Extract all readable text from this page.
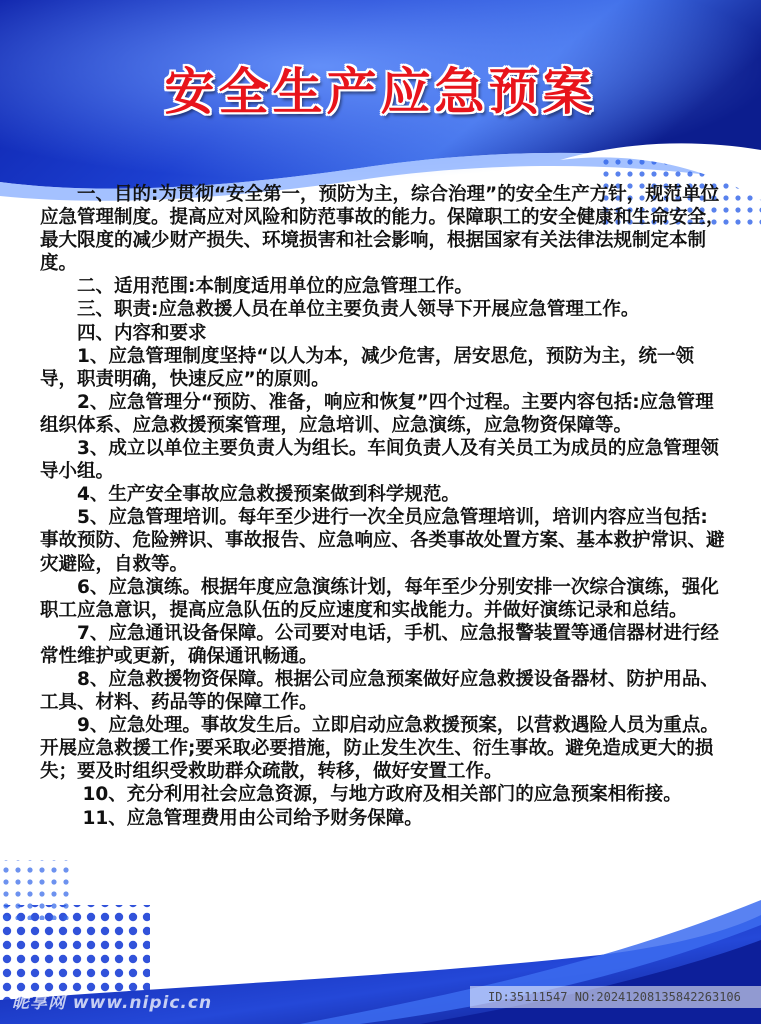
安全生产应急预案

一、目的:为贯彻“安全第一，预防为主，综合治理”的安全生产方针，规范单位应急管理制度。提高应对风险和防范事故的能力。保障职工的安全健康和生命安全，最大限度的减少财产损失、环境损害和社会影响，根据国家有关法律法规制定本制度。

二、适用范围:本制度适用单位的应急管理工作。

三、职责:应急救援人员在单位主要负责人领导下开展应急管理工作。

四、内容和要求

1、应急管理制度坚持“以人为本，减少危害，居安思危，预防为主，统一领导，职责明确，快速反应”的原则。

2、应急管理分“预防、准备，响应和恢复”四个过程。主要内容包括:应急管理组织体系、应急救援预案管理，应急培训、应急演练，应急物资保障等。

3、成立以单位主要负责人为组长。车间负责人及有关员工为成员的应急管理领导小组。

4、生产安全事故应急救援预案做到科学规范。

5、应急管理培训。每年至少进行一次全员应急管理培训，培训内容应当包括:事故预防、危险辨识、事故报告、应急响应、各类事故处置方案、基本救护常识、避灾避险，自救等。

6、应急演练。根据年度应急演练计划，每年至少分别安排一次综合演练，强化职工应急意识，提高应急队伍的反应速度和实战能力。并做好演练记录和总结。

7、应急通讯设备保障。公司要对电话，手机、应急报警装置等通信器材进行经常性维护或更新，确保通讯畅通。

8、应急救援物资保障。根据公司应急预案做好应急救援设备器材、防护用品、工具、材料、药品等的保障工作。

9、应急处理。事故发生后。立即启动应急救援预案，以营救遇险人员为重点。开展应急救援工作;要采取必要措施，防止发生次生、衍生事故。避免造成更大的损失；要及时组织受救助群众疏散，转移，做好安置工作。

10、充分利用社会应急资源，与地方政府及相关部门的应急预案相衔接。

11、应急管理费用由公司给予财务保障。

昵享网 www.nipic.cn	ID:35111547 NO:20241208135842263106
